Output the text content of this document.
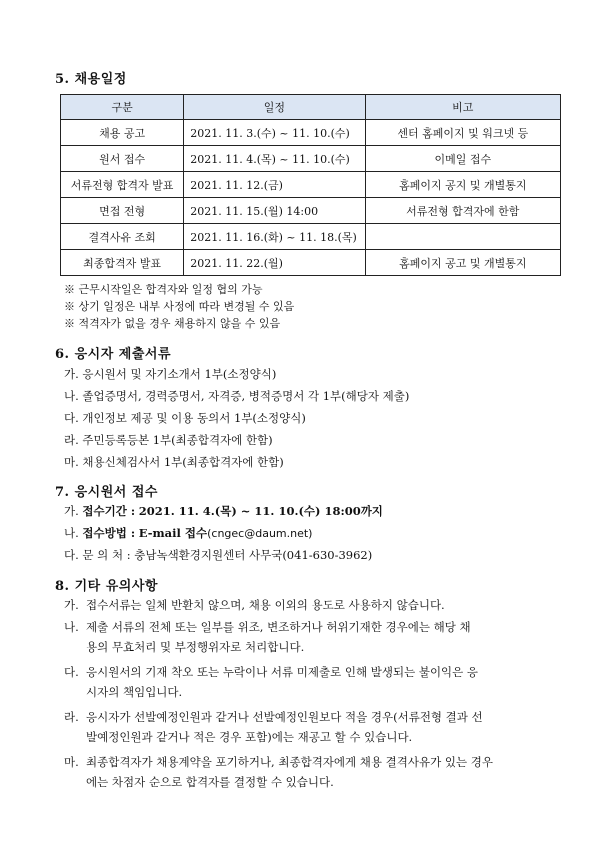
5. 채용일정
구분	일정	비고
채용 공고	2021. 11. 3.(수) ~ 11. 10.(수)	센터 홈페이지 및 워크넷 등
원서 접수	2021. 11. 4.(목) ~ 11. 10.(수)	이메일 접수
서류전형 합격자 발표	2021. 11. 12.(금)	홈페이지 공지 및 개별통지
면접 전형	2021. 11. 15.(월) 14:00	서류전형 합격자에 한함
결격사유 조회	2021. 11. 16.(화) ~ 11. 18.(목)	
최종합격자 발표	2021. 11. 22.(월)	홈페이지 공고 및 개별통지
※ 근무시작일은 합격자와 일정 협의 가능
※ 상기 일정은 내부 사정에 따라 변경될 수 있음
※ 적격자가 없을 경우 채용하지 않을 수 있음
6. 응시자 제출서류
가. 응시원서 및 자기소개서 1부(소정양식)
나. 졸업증명서, 경력증명서, 자격증, 병적증명서 각 1부(해당자 제출)
다. 개인정보 제공 및 이용 동의서 1부(소정양식)
라. 주민등록등본 1부(최종합격자에 한함)
마. 채용신체검사서 1부(최종합격자에 한함)
7. 응시원서 접수
가. 접수기간 : 2021. 11. 4.(목) ~ 11. 10.(수) 18:00까지
나. 접수방법 : E-mail 접수(cngec@daum.net)
다. 문 의 처 : 충남녹색환경지원센터 사무국(041-630-3962)
8. 기타 유의사항
가. 접수서류는 일체 반환치 않으며, 채용 이외의 용도로 사용하지 않습니다.
나. 제출 서류의 전체 또는 일부를 위조, 변조하거나 허위기재한 경우에는 해당 채
용의 무효처리 및 부정행위자로 처리합니다.
다. 응시원서의 기재 착오 또는 누락이나 서류 미제출로 인해 발생되는 불이익은 응
시자의 책임입니다.
라. 응시자가 선발예정인원과 같거나 선발예정인원보다 적을 경우(서류전형 결과 선
발예정인원과 같거나 적은 경우 포함)에는 재공고 할 수 있습니다.
마. 최종합격자가 채용계약을 포기하거나, 최종합격자에게 채용 결격사유가 있는 경우
에는 차점자 순으로 합격자를 결정할 수 있습니다.
